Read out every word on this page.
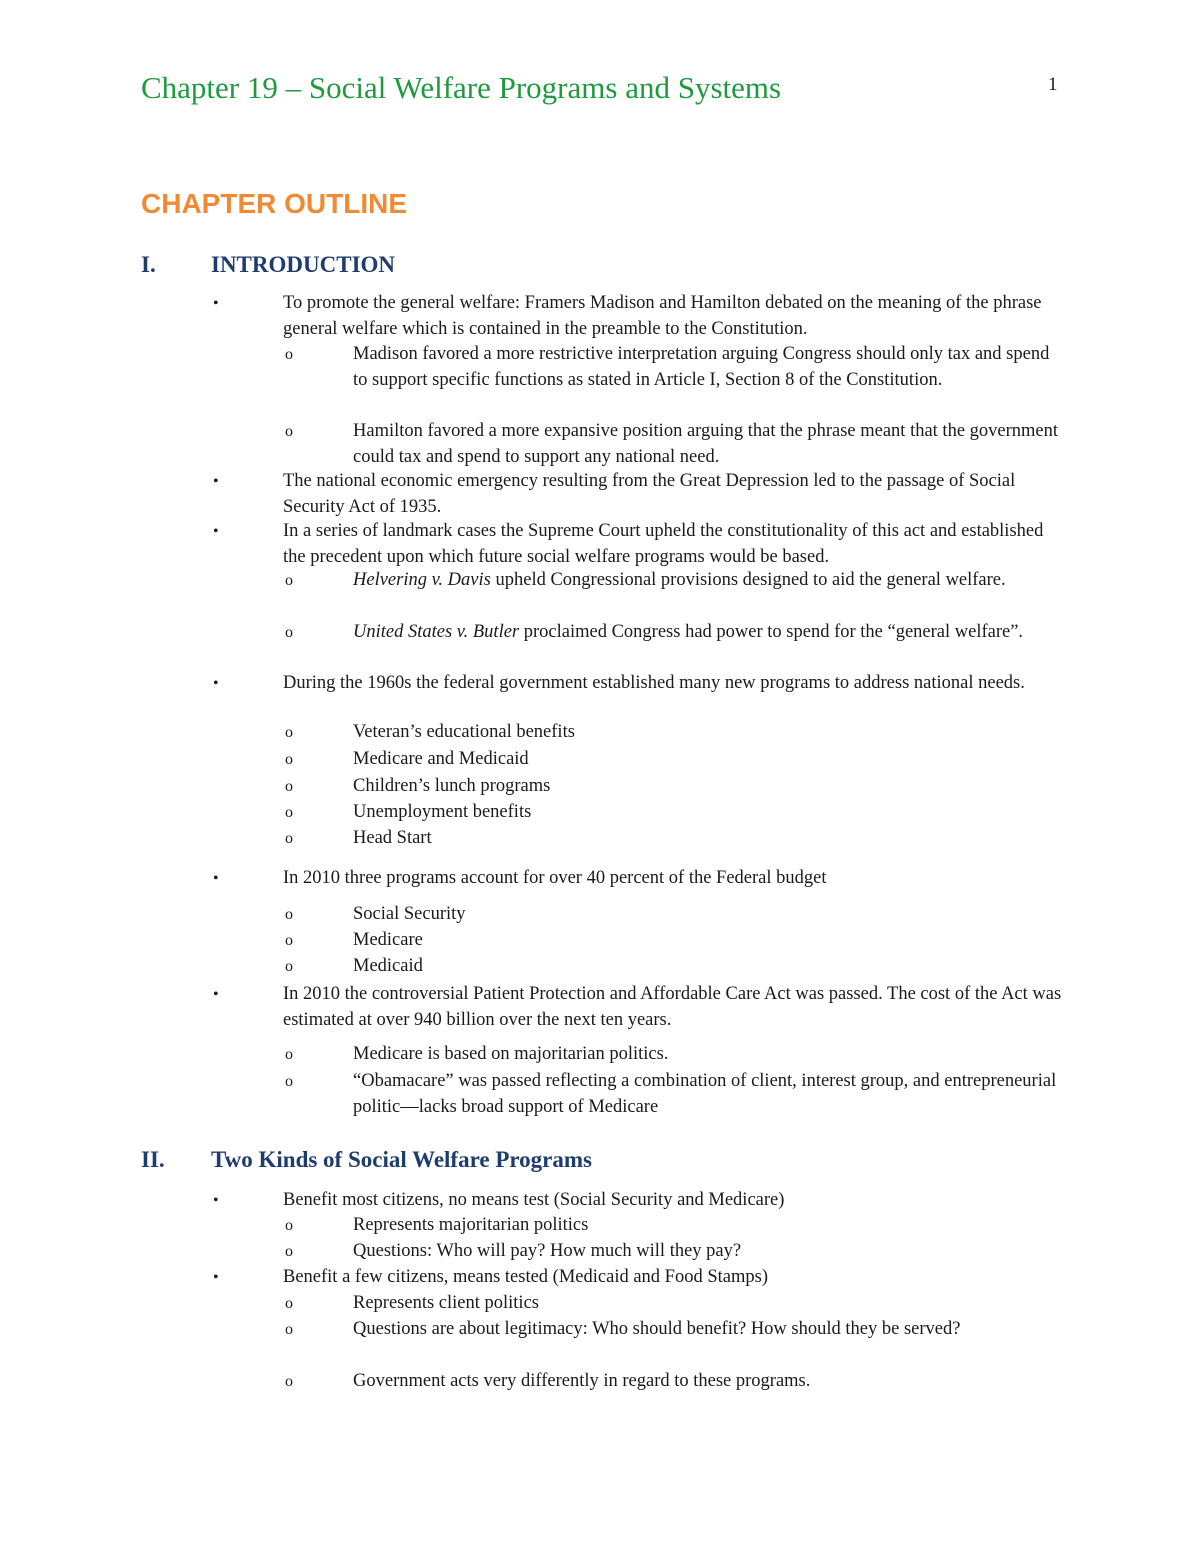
Chapter 19 – Social Welfare Programs and Systems	1
CHAPTER OUTLINE
I. INTRODUCTION
•	To promote the general welfare: Framers Madison and Hamilton debated on the meaning of the phrase general welfare which is contained in the preamble to the Constitution.
o	Madison favored a more restrictive interpretation arguing Congress should only tax and spend to support specific functions as stated in Article I, Section 8 of the Constitution.
o	Hamilton favored a more expansive position arguing that the phrase meant that the government could tax and spend to support any national need.
•	The national economic emergency resulting from the Great Depression led to the passage of Social Security Act of 1935.
•	In a series of landmark cases the Supreme Court upheld the constitutionality of this act and established the precedent upon which future social welfare programs would be based.
o	Helvering v. Davis upheld Congressional provisions designed to aid the general welfare.
o	United States v. Butler proclaimed Congress had power to spend for the “general welfare”.
•	During the 1960s the federal government established many new programs to address national needs.
o	Veteran’s educational benefits
o	Medicare and Medicaid
o	Children’s lunch programs
o	Unemployment benefits
o	Head Start
•	In 2010 three programs account for over 40 percent of the Federal budget
o	Social Security
o	Medicare
o	Medicaid
•	In 2010 the controversial Patient Protection and Affordable Care Act was passed. The cost of the Act was estimated at over 940 billion over the next ten years.
o	Medicare is based on majoritarian politics.
o	“Obamacare” was passed reflecting a combination of client, interest group, and entrepreneurial politic—lacks broad support of Medicare
II. Two Kinds of Social Welfare Programs
•	Benefit most citizens, no means test (Social Security and Medicare)
o	Represents majoritarian politics
o	Questions: Who will pay? How much will they pay?
•	Benefit a few citizens, means tested (Medicaid and Food Stamps)
o	Represents client politics
o	Questions are about legitimacy: Who should benefit? How should they be served?
o	Government acts very differently in regard to these programs.
